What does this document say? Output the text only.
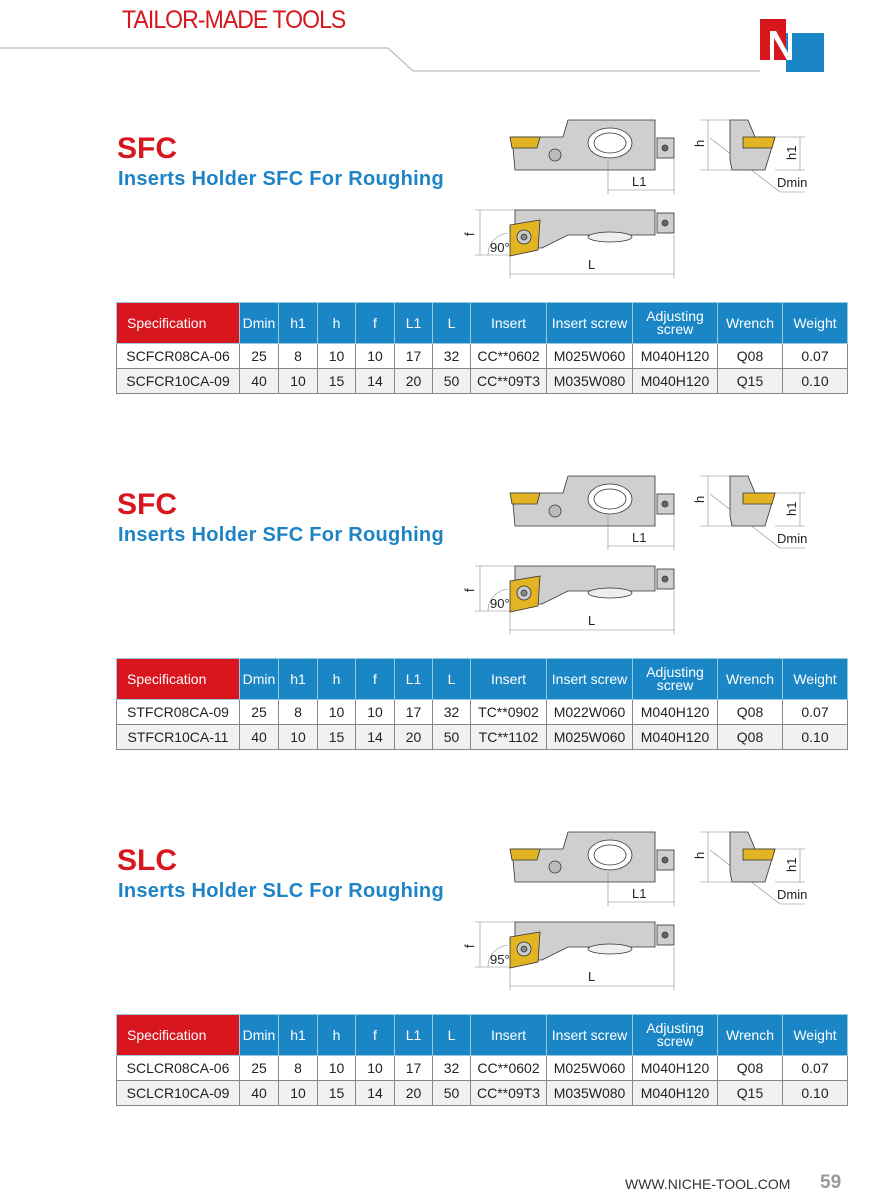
TAILOR-MADE TOOLS
SFC
Inserts Holder SFC For Roughing	L1
h
h1
Dmin
f
L
90°
Specification	Dmin	h1	h	f	L1	L	Insert	Insert screw	Adjusting screw	Wrench	Weight
SCFCR08CA-06	25	8	10	10	17	32	CC**0602	M025W060	M040H120	Q08	0.07
SCFCR10CA-09	40	10	15	14	20	50	CC**09T3	M035W080	M040H120	Q15	0.10
SFC
Inserts Holder SFC For Roughing	L1
h
h1
Dmin
f
L
90°
Specification	Dmin	h1	h	f	L1	L	Insert	Insert screw	Adjusting screw	Wrench	Weight
STFCR08CA-09	25	8	10	10	17	32	TC**0902	M022W060	M040H120	Q08	0.07
STFCR10CA-11	40	10	15	14	20	50	TC**1102	M025W060	M040H120	Q08	0.10
SLC
Inserts Holder SLC For Roughing	L1
h
h1
Dmin
f
L
95°
Specification	Dmin	h1	h	f	L1	L	Insert	Insert screw	Adjusting screw	Wrench	Weight
SCLCR08CA-06	25	8	10	10	17	32	CC**0602	M025W060	M040H120	Q08	0.07
SCLCR10CA-09	40	10	15	14	20	50	CC**09T3	M035W080	M040H120	Q15	0.10
WWW.NICHE-TOOL.COM 59
